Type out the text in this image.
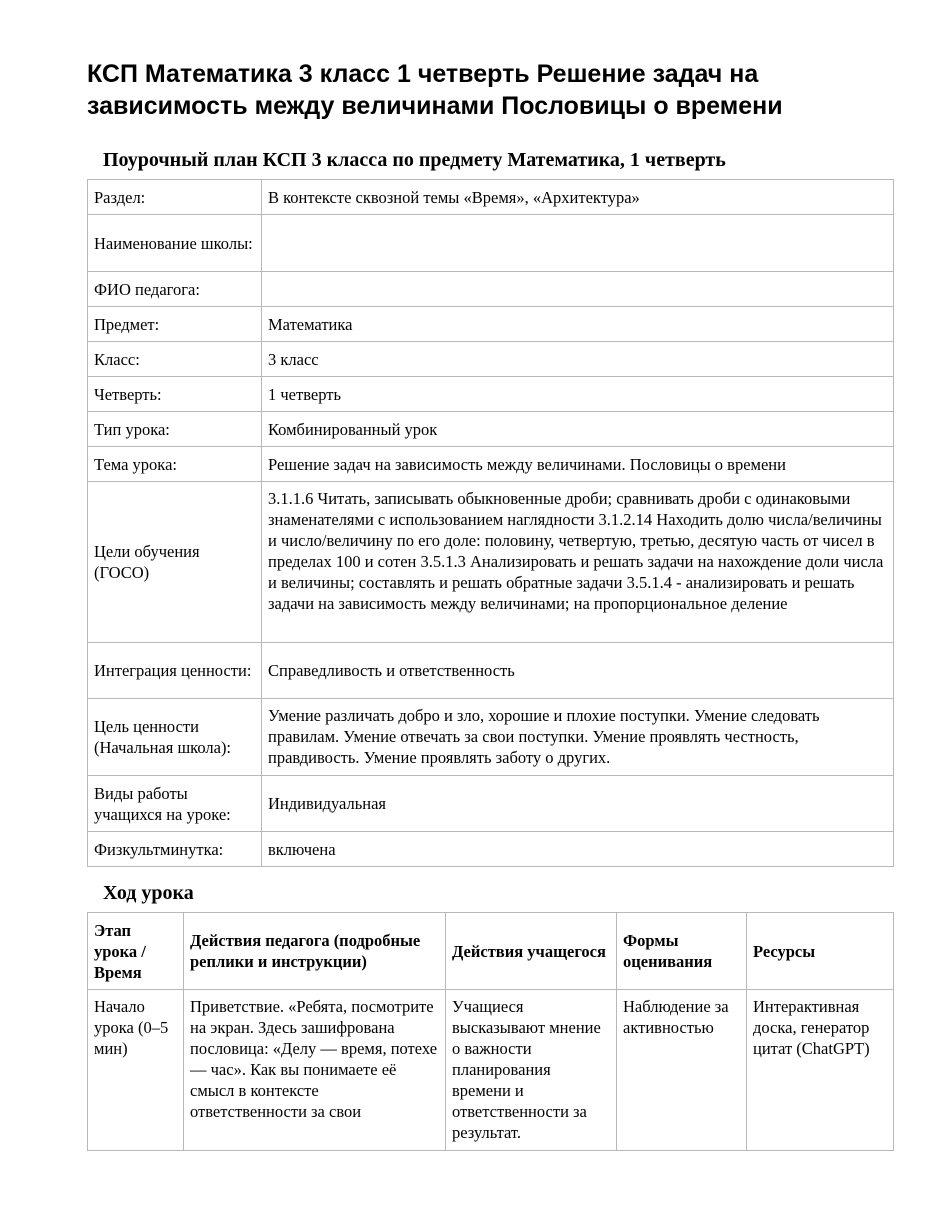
КСП Математика 3 класс 1 четверть Решение задач на зависимость между величинами Пословицы о времени
Поурочный план КСП 3 класса по предмету Математика, 1 четверть
Раздел:	В контексте сквозной темы «Время», «Архитектура»
Наименование школы:	
ФИО педагога:	
Предмет:	Математика
Класс:	3 класс
Четверть:	1 четверть
Тип урока:	Комбинированный урок
Тема урока:	Решение задач на зависимость между величинами. Пословицы о времени
Цели обучения (ГОСО)	3.1.1.6 Читать, записывать обыкновенные дроби; сравнивать дроби с одинаковыми знаменателями с использованием наглядности 3.1.2.14 Находить долю числа/величины и число/величину по его доле: половину, четвертую, третью, десятую часть от чисел в пределах 100 и сотен 3.5.1.3 Анализировать и решать задачи на нахождение доли числа и величины; составлять и решать обратные задачи 3.5.1.4 - анализировать и решать задачи на зависимость между величинами; на пропорциональное деление
Интеграция ценности:	Справедливость и ответственность
Цель ценности (Начальная школа):	Умение различать добро и зло, хорошие и плохие поступки. Умение следовать правилам. Умение отвечать за свои поступки. Умение проявлять честность, правдивость. Умение проявлять заботу о других.
Виды работы учащихся на уроке:	Индивидуальная
Физкультминутка:	включена
Ход урока
Этап урока / Время	Действия педагога (подробные реплики и инструкции)	Действия учащегося	Формы оценивания	Ресурсы
Начало урока (0–5 мин)	Приветствие. «Ребята, посмотрите на экран. Здесь зашифрована пословица: «Делу — время, потехе — час». Как вы понимаете её смысл в контексте ответственности за свои	Учащиеся высказывают мнение о важности планирования времени и ответственности за результат.	Наблюдение за активностью	Интерактивная доска, генератор цитат (ChatGPT)
